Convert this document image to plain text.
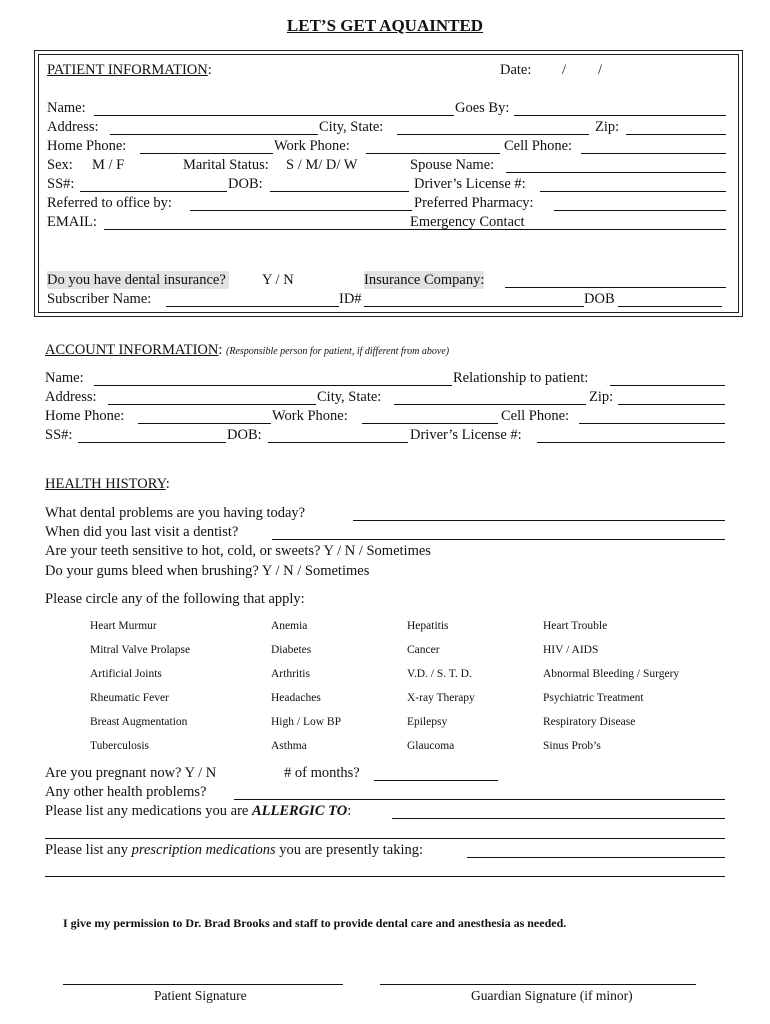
LET’S GET AQUAINTED
PATIENT INFORMATION:	Date: / /
Name:	Goes By:
Address:	City, State:	Zip:
Home Phone:	Work Phone:	Cell Phone:
Sex: M / F	Marital Status: S / M/ D/ W	Spouse Name:
SS#:	DOB:	Driver’s License #:
Referred to office by:	Preferred Pharmacy:
EMAIL:	Emergency Contact
Do you have dental insurance? Y / N	Insurance Company:
Subscriber Name:	ID#	DOB
ACCOUNT INFORMATION: (Responsible person for patient, if different from above)
Name:	Relationship to patient:
Address:	City, State:	Zip:
Home Phone:	Work Phone:	Cell Phone:
SS#:	DOB:	Driver’s License #:
HEALTH HISTORY:
What dental problems are you having today?
When did you last visit a dentist?
Are your teeth sensitive to hot, cold, or sweets? Y / N / Sometimes
Do your gums bleed when brushing? Y / N / Sometimes
Please circle any of the following that apply:
Heart Murmur	Anemia	Hepatitis	Heart Trouble
Mitral Valve Prolapse	Diabetes	Cancer	HIV / AIDS
Artificial Joints	Arthritis	V.D. / S. T. D.	Abnormal Bleeding / Surgery
Rheumatic Fever	Headaches	X-ray Therapy	Psychiatric Treatment
Breast Augmentation	High / Low BP	Epilepsy	Respiratory Disease
Tuberculosis	Asthma	Glaucoma	Sinus Prob’s
Are you pregnant now? Y / N	# of months?
Any other health problems?
Please list any medications you are ALLERGIC TO:
Please list any prescription medications you are presently taking:
I give my permission to Dr. Brad Brooks and staff to provide dental care and anesthesia as needed.
Patient Signature	Guardian Signature (if minor)
